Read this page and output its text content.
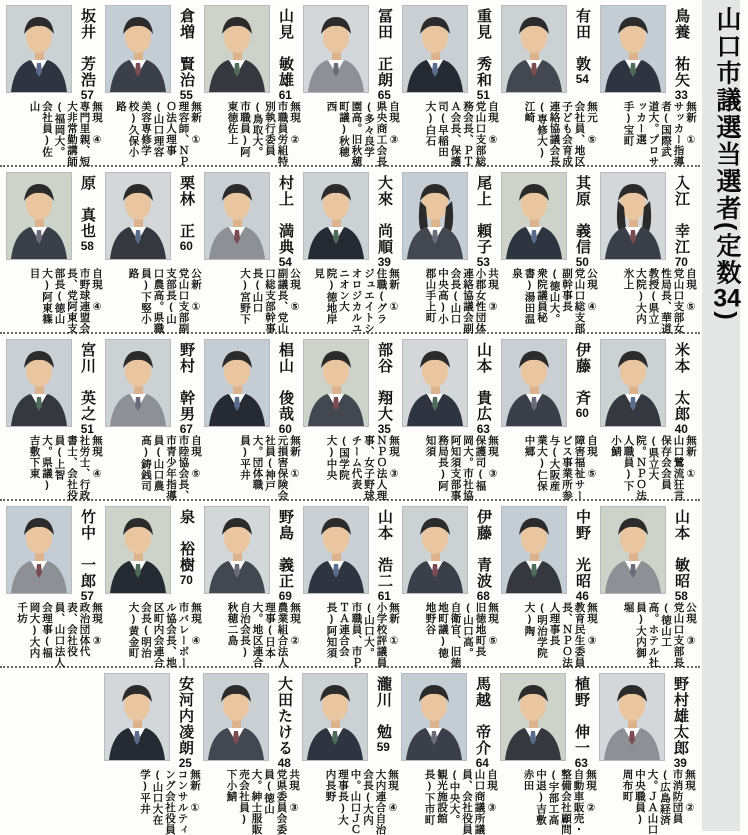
坂井　芳浩57
無現　④
専門里親、短大非常勤講師(福岡大。会社員)佐山
倉増　賢治55
無新　①
理容師、ＮＰＯ法人理事(山口理容美容専修学校)久保小路
山見　敏雄61
無現　②
市職員労組特別執行委員(鳥取大。市職員)阿東徳佐上
冨田　正朗65
自現　③
県央商工会長(多々良学園高。旧秋穂町議)秋穂西
重見　秀和51
自現　⑤
党山口支部総務会長、ＰＴＡ会長、保護司(早稲田大)白石
有田　敦54
無元　⑤
会社員、地区子ども会育成連絡協議会長(専修大)江崎
鳥養　祐矢33
無新　①
サッカー指導者(国際武道大。プロサッカー選手)宝町
原　真也58
自現　④
市野球連盟会長、党阿東支部長(徳山大)阿東篠目
栗林　正60
公新　①
党山口支部副支部長(山口農高。県職員)下竪小路
村上　満典54
公現　⑤
副議長、党山口総支部幹事長(山口大)宮野下
大來　尚順39
無新　①
住職(グラジュエイトシオロジカルユニオン大院)徳地岸見
尾上　頼子53
共現　③
小郡女性団体連絡協議会副会長(山口中央高)小郡山手上町
其原　義信50
公現　④
党山口総支部副幹事長(徳山大。衆院議員秘書)湯田温泉
入江　幸江70
自現　⑤
党山口支部女性局長、華道教授(県立大院)大内氷上
宮川　英之51
無現　④
社労士、行政書士、会社役員(上智大。県議)吉敷下東
野村　幹男67
自現　⑤
市陸協会長、市青少年指導員(山口農高)鋳銭司
椙山　俊哉60
無新　①
元損害保険会社員(神戸大。団体職員)平井
部谷　翔大35
無現　③
ＮＰＯ法人理事、女子野球チーム代表(国学院大)中央
山本　貴広63
無現　③
保護司(福岡大。市社協阿知須支部事務局長)阿知須
伊藤　斉60
自現　⑤
障害福祉サービス事業所参与(大阪産業大)仁保中郷
米本　太郎40
無新　①
山口鷺流狂言保存会会員(県立大院。ＮＰＯ法人職員)下小鯖
竹中　一郎57
無現　③
政治団体代表、会社役員、山口法人会理事(福岡大)大内千坊
泉　裕樹70
無現　④
市バレーボール協会長、地区町内会連合会長(明治大)黄金町
野島　義正69
無現　②
農業組合法人理事(日本大。地区連合自治会長)秋穂二島
山本　浩二61
無新　①
小学校評議員(山口大。市職員、市ＰＴＡ連合会長)阿知須
伊藤　青波68
無現　⑤
旧徳地町長(山口高。自衛官、旧徳地町議)徳地野谷
中野　光昭46
無現　③
教育民生委員長、ＮＰＯ法人理事長(明治学院大)陶
山本　敏昭58
公現　③
党山口支部長(徳山工高。ホテル社員)大内御堀
安河内凌朗25
無新　①
コンサルティング会社役員(山口大在学)平井
大田たける48
共現　③
党県委員会委員(徳山大。紳士服販売会社員)下小鯖
瀧川　勉59
無現　④
大内連合自治会長(大内中。山口ＪＣ理事長)大内長野
馬越　帝介64
自現　③
山口商議所議員、会社役員(中央大。観光施設館長)下市町
植野　伸一63
無現　②
自動車販売・整備会社顧問(宇部工高中退)吉敷赤田
野村雄太郎39
無現　②
市消防団員(広島経済大。ＪＡ山口中央職員)周布町
山口市議選当選者(定数34)
